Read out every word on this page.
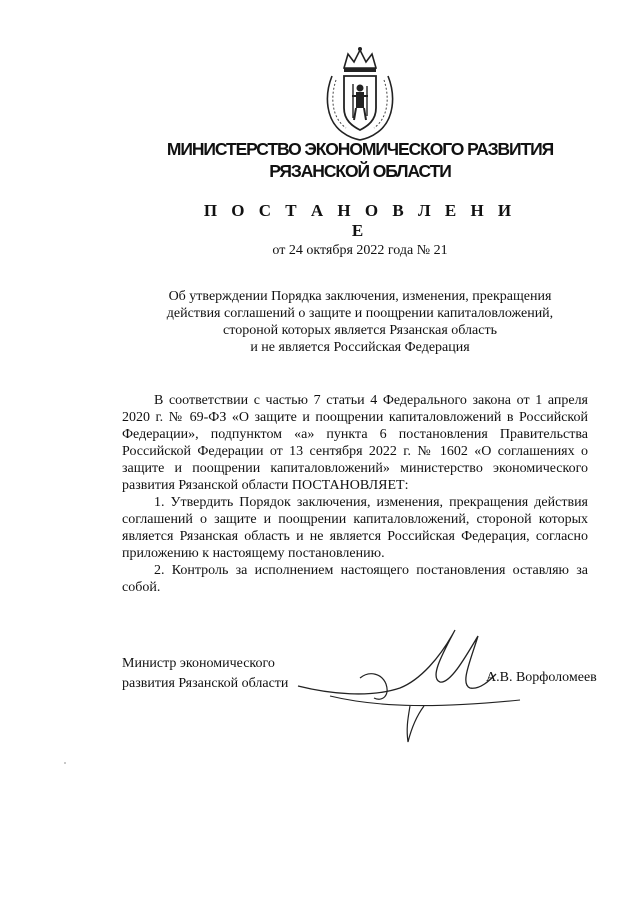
МИНИСТЕРСТВО ЭКОНОМИЧЕСКОГО РАЗВИТИЯ
РЯЗАНСКОЙ ОБЛАСТИ
П О С Т А Н О В Л Е Н И Е
от 24 октября 2022 года № 21
Об утверждении Порядка заключения, изменения, прекращения
действия соглашений о защите и поощрении капиталовложений,
стороной которых является Рязанская область
и не является Российская Федерация

В соответствии с частью 7 статьи 4 Федерального закона от 1 апреля 2020 г. № 69-ФЗ «О защите и поощрении капиталовложений в Российской Федерации», подпунктом «а» пункта 6 постановления Правительства Российской Федерации от 13 сентября 2022 г. № 1602 «О соглашениях о защите и поощрении капиталовложений» министерство экономического развития Рязанской области ПОСТАНОВЛЯЕТ:

1. Утвердить Порядок заключения, изменения, прекращения действия соглашений о защите и поощрении капиталовложений, стороной которых является Рязанская область и не является Российская Федерация, согласно приложению к настоящему постановлению.

2. Контроль за исполнением настоящего постановления оставляю за собой.

Министр экономического
развития Рязанской области	А.В. Ворфоломеев
